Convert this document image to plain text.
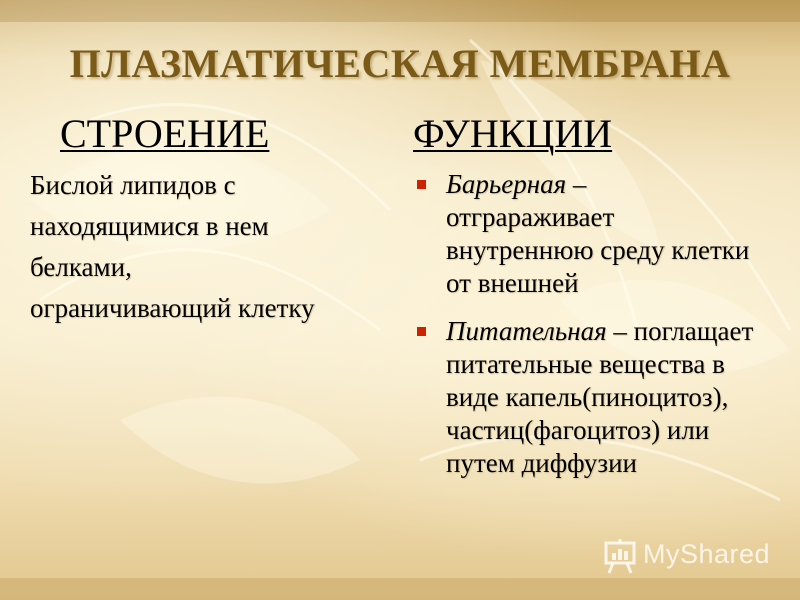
ПЛАЗМАТИЧЕСКАЯ МЕМБРАНА
СТРОЕНИЕ
Бислой липидов с
находящимися в нем
белками,
ограничивающий клетку
ФУНКЦИИ
Барьерная – отграраживает внутреннюю среду клетки от внешней
Питательная – поглащает питательные вещества в виде капель(пиноцитоз), частиц(фагоцитоз) или путем диффузии
MyShared
